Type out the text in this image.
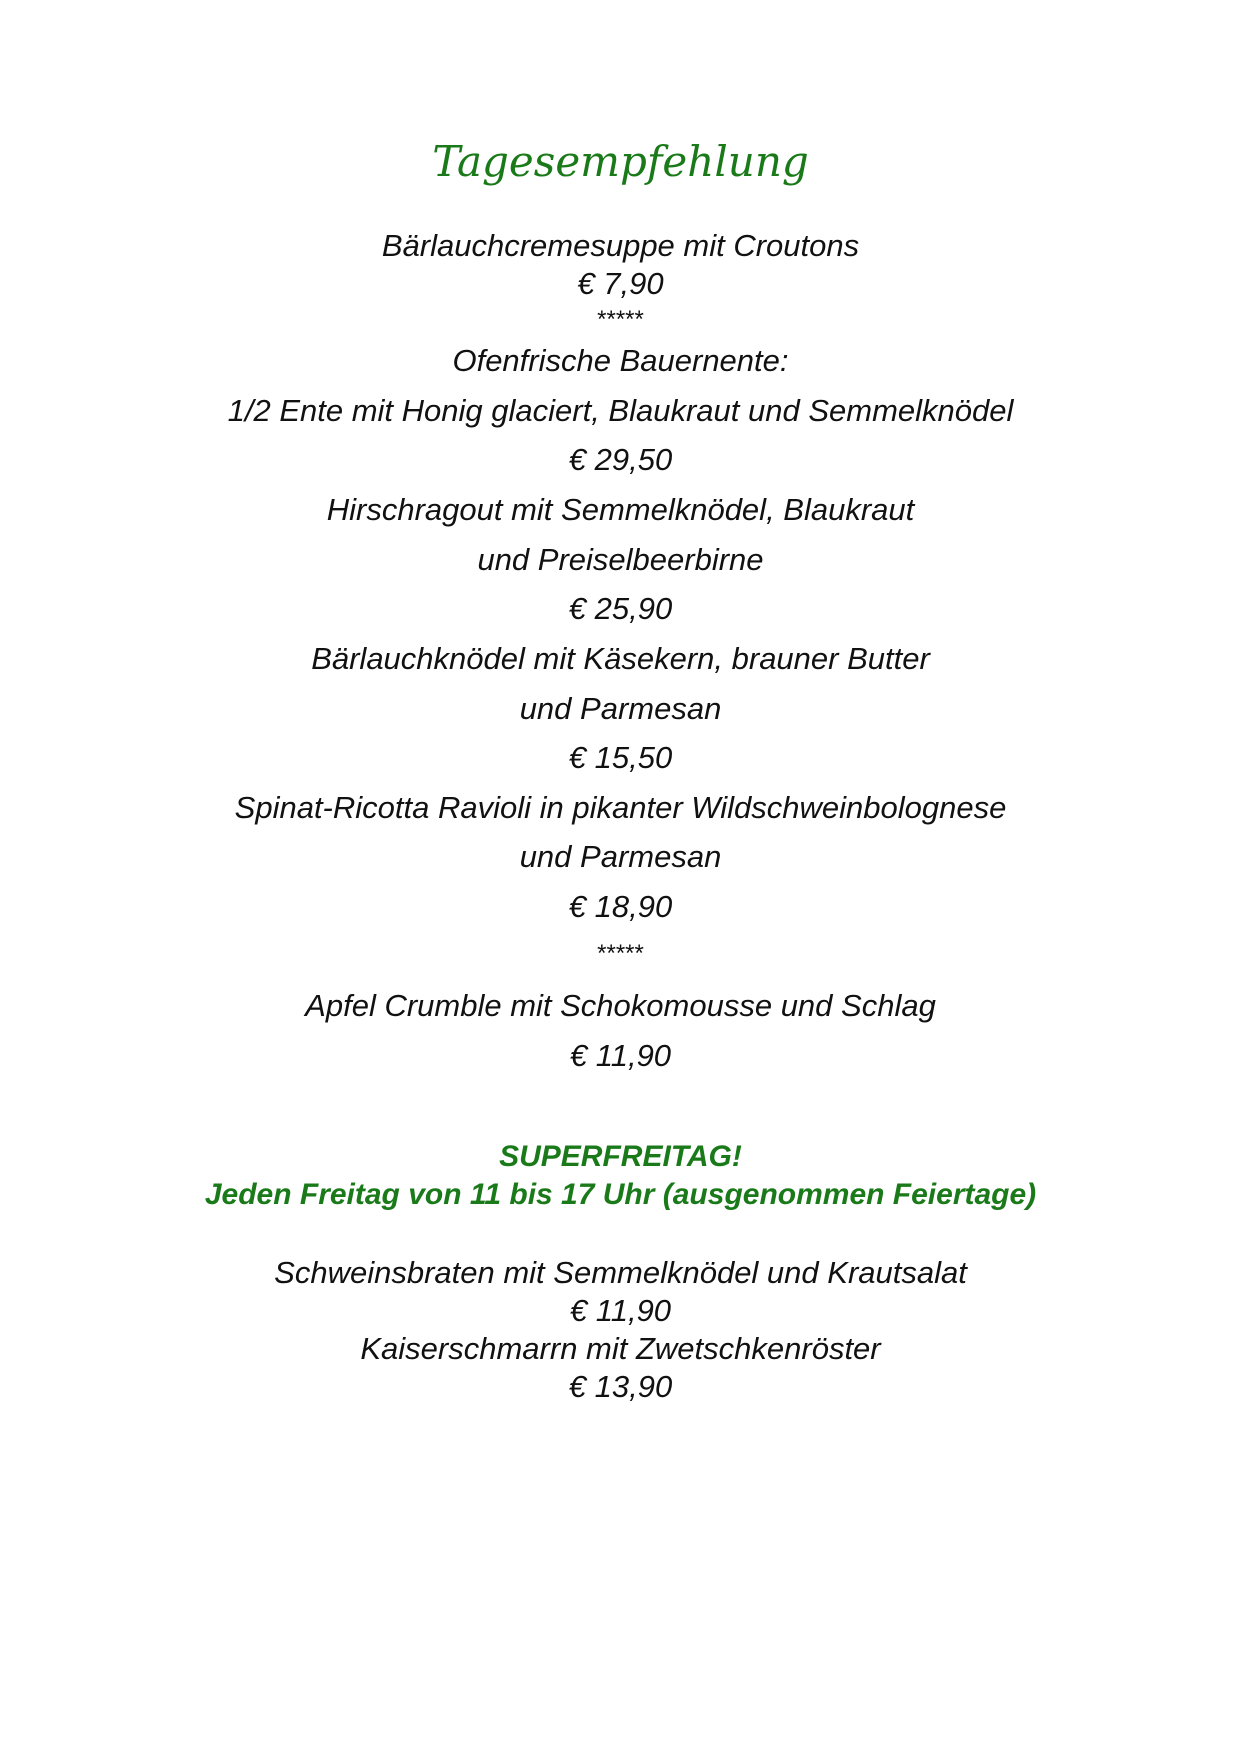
Tagesempfehlung
Bärlauchcremesuppe mit Croutons
€ 7,90
*****
Ofenfrische Bauernente:
1/2 Ente mit Honig glaciert, Blaukraut und Semmelknödel
€ 29,50
Hirschragout mit Semmelknödel, Blaukraut
und Preiselbeerbirne
€ 25,90
Bärlauchknödel mit Käsekern, brauner Butter
und Parmesan
€ 15,50
Spinat-Ricotta Ravioli in pikanter Wildschweinbolognese
und Parmesan
€ 18,90
*****
Apfel Crumble mit Schokomousse und Schlag
€ 11,90
SUPERFREITAG!
Jeden Freitag von 11 bis 17 Uhr (ausgenommen Feiertage)
Schweinsbraten mit Semmelknödel und Krautsalat
€ 11,90
Kaiserschmarrn mit Zwetschkenröster
€ 13,90
